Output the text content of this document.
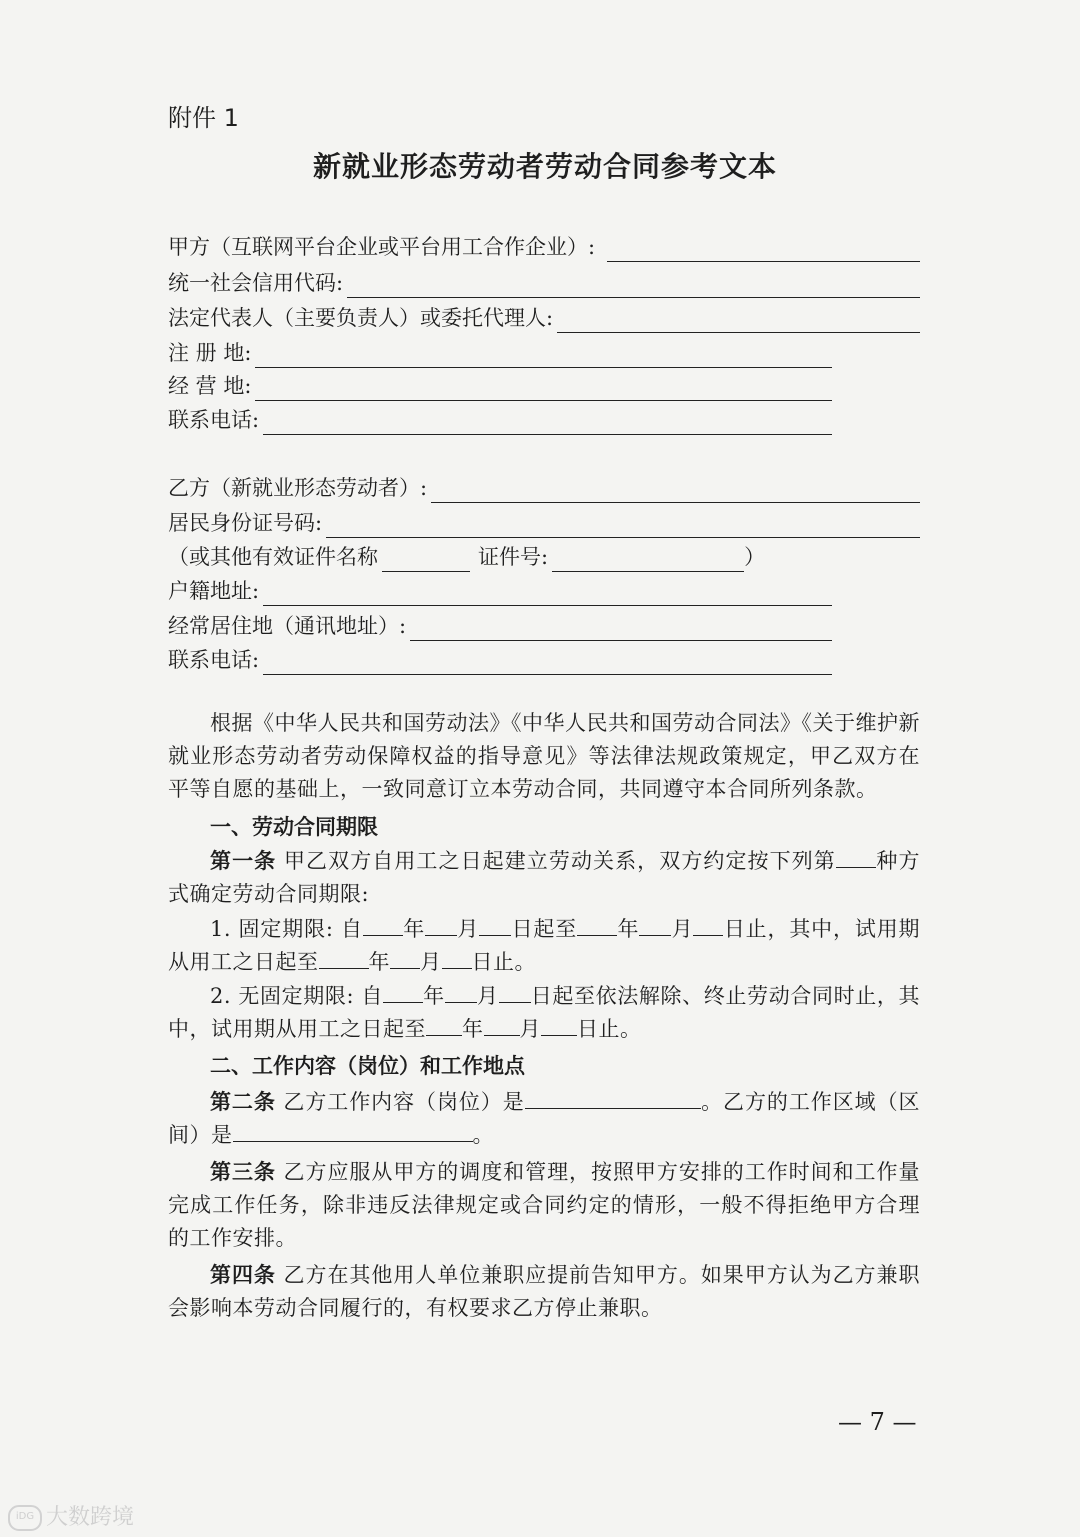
附件 1
新就业形态劳动者劳动合同参考文本
甲方（互联网平台企业或平台用工合作企业）:
统一社会信用代码:
法定代表人（主要负责人）或委托代理人:
注 册 地:
经 营 地:
联系电话:
乙方（新就业形态劳动者）:
居民身份证号码:
（或其他有效证件名称	证件号:	）
户籍地址:
经常居住地（通讯地址）:
联系电话:
根据《中华人民共和国劳动法》《中华人民共和国劳动合同法》《关于维护新就业形态劳动者劳动保障权益的指导意见》等法律法规政策规定，甲乙双方在平等自愿的基础上，一致同意订立本劳动合同，共同遵守本合同所列条款。
一、劳动合同期限
第一条 甲乙双方自用工之日起建立劳动关系，双方约定按下列第 种方式确定劳动合同期限:
1. 固定期限: 自 年 月 日起至 年 月 日止，其中，试用期从用工之日起至 年 月 日止。
2. 无固定期限: 自 年 月 日起至依法解除、终止劳动合同时止，其中，试用期从用工之日起至 年 月 日止。
二、工作内容（岗位）和工作地点
第二条 乙方工作内容（岗位）是	。乙方的工作区域（区间）是	。
第三条 乙方应服从甲方的调度和管理，按照甲方安排的工作时间和工作量完成工作任务，除非违反法律规定或合同约定的情形，一般不得拒绝甲方合理的工作安排。
第四条 乙方在其他用人单位兼职应提前告知甲方。如果甲方认为乙方兼职会影响本劳动合同履行的，有权要求乙方停止兼职。
— 7 —
iDG 大数跨境
